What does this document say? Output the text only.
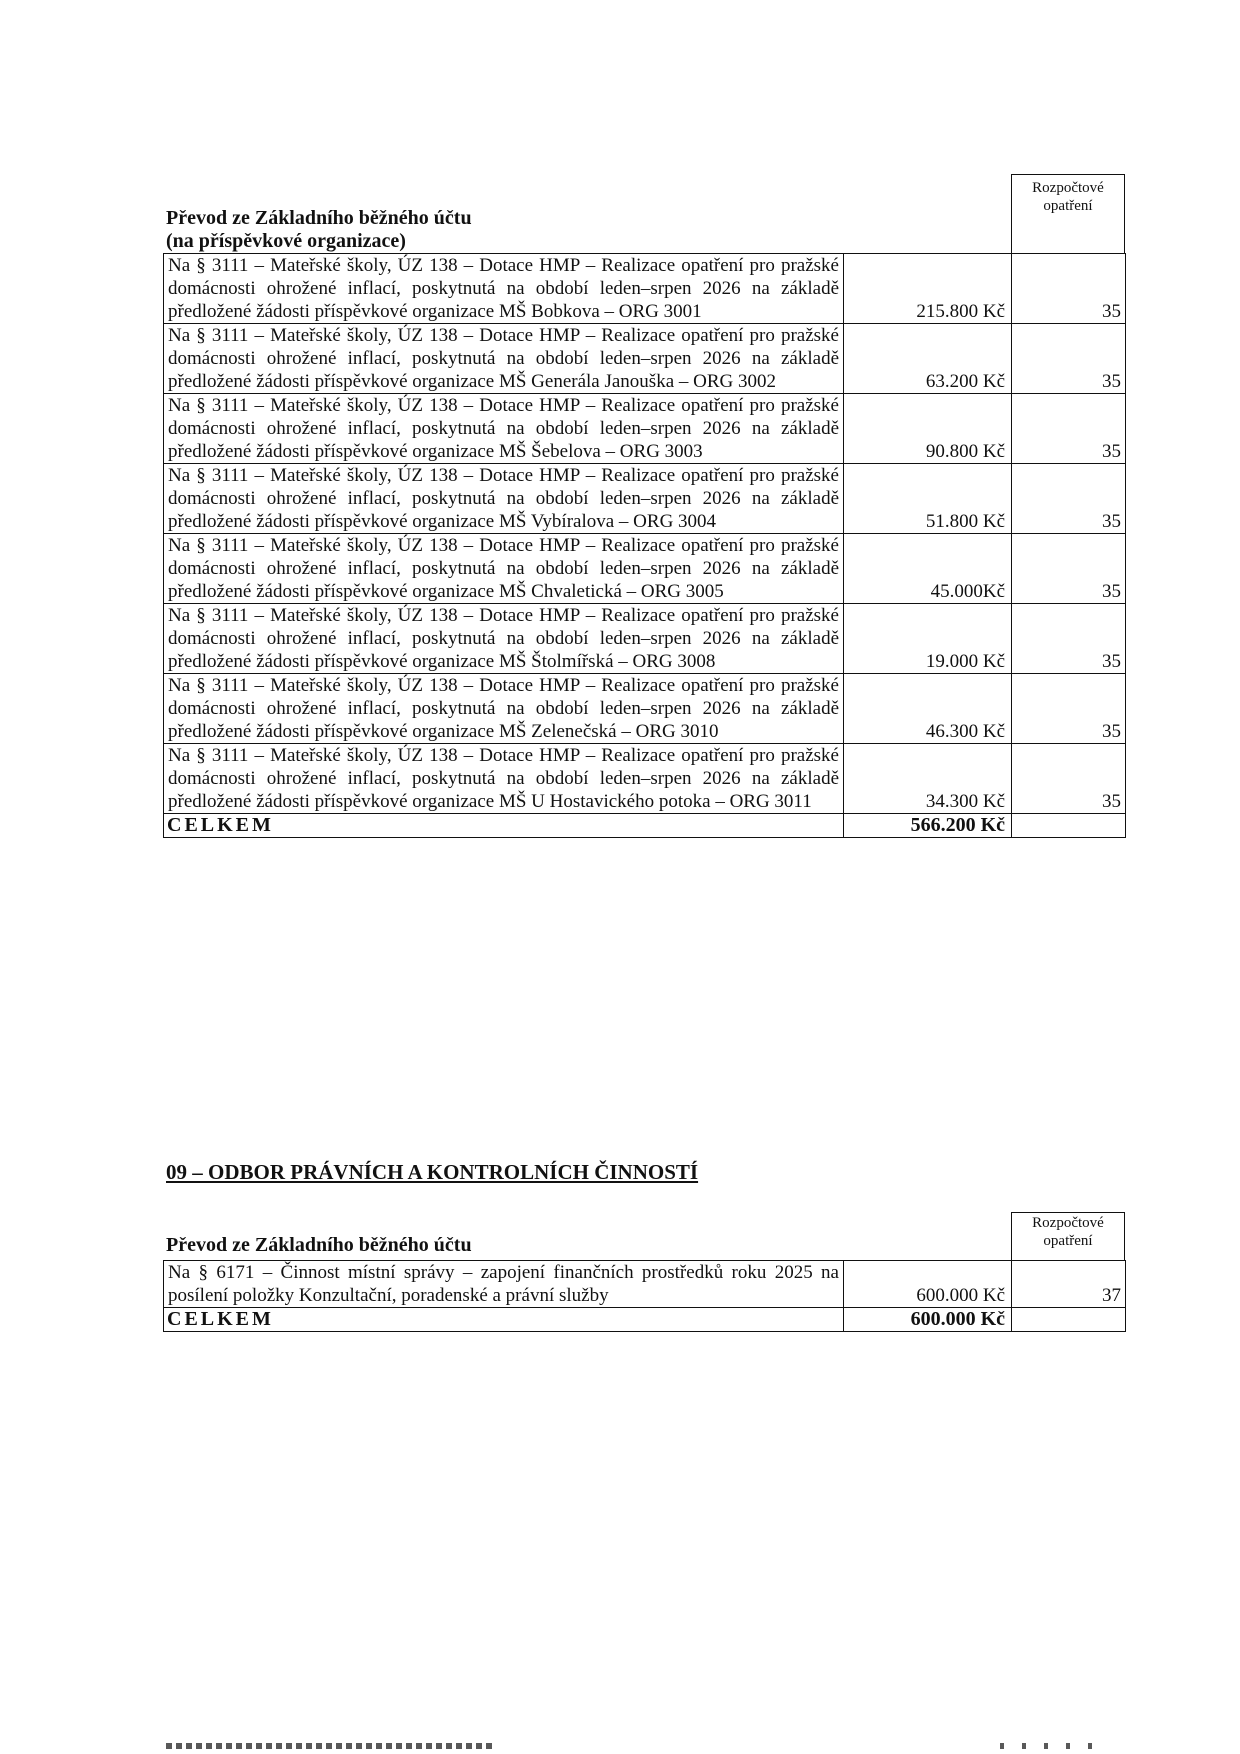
Převod ze Základního běžného účtu
(na příspěvkové organizace)
Rozpočtové
opatření
Na § 3111 – Mateřské školy, ÚZ 138 – Dotace HMP – Realizace opatření pro pražské domácnosti ohrožené inflací, poskytnutá na období leden–srpen 2026 na základě předložené žádosti příspěvkové organizace MŠ Bobkova – ORG 3001	215.800 Kč	35
Na § 3111 – Mateřské školy, ÚZ 138 – Dotace HMP – Realizace opatření pro pražské domácnosti ohrožené inflací, poskytnutá na období leden–srpen 2026 na základě předložené žádosti příspěvkové organizace MŠ Generála Janouška – ORG 3002	63.200 Kč	35
Na § 3111 – Mateřské školy, ÚZ 138 – Dotace HMP – Realizace opatření pro pražské domácnosti ohrožené inflací, poskytnutá na období leden–srpen 2026 na základě předložené žádosti příspěvkové organizace MŠ Šebelova – ORG 3003	90.800 Kč	35
Na § 3111 – Mateřské školy, ÚZ 138 – Dotace HMP – Realizace opatření pro pražské domácnosti ohrožené inflací, poskytnutá na období leden–srpen 2026 na základě předložené žádosti příspěvkové organizace MŠ Vybíralova – ORG 3004	51.800 Kč	35
Na § 3111 – Mateřské školy, ÚZ 138 – Dotace HMP – Realizace opatření pro pražské domácnosti ohrožené inflací, poskytnutá na období leden–srpen 2026 na základě předložené žádosti příspěvkové organizace MŠ Chvaletická – ORG 3005	45.000Kč	35
Na § 3111 – Mateřské školy, ÚZ 138 – Dotace HMP – Realizace opatření pro pražské domácnosti ohrožené inflací, poskytnutá na období leden–srpen 2026 na základě předložené žádosti příspěvkové organizace MŠ Štolmířská – ORG 3008	19.000 Kč	35
Na § 3111 – Mateřské školy, ÚZ 138 – Dotace HMP – Realizace opatření pro pražské domácnosti ohrožené inflací, poskytnutá na období leden–srpen 2026 na základě předložené žádosti příspěvkové organizace MŠ Zelenečská – ORG 3010	46.300 Kč	35
Na § 3111 – Mateřské školy, ÚZ 138 – Dotace HMP – Realizace opatření pro pražské domácnosti ohrožené inflací, poskytnutá na období leden–srpen 2026 na základě předložené žádosti příspěvkové organizace MŠ U Hostavického potoka – ORG 3011	34.300 Kč	35
CELKEM	566.200 Kč	
09 – ODBOR PRÁVNÍCH A KONTROLNÍCH ČINNOSTÍ
Převod ze Základního běžného účtu
Rozpočtové
opatření
Na § 6171 – Činnost místní správy – zapojení finančních prostředků roku 2025 na posílení položky Konzultační, poradenské a právní služby	600.000 Kč	37
CELKEM	600.000 Kč	
